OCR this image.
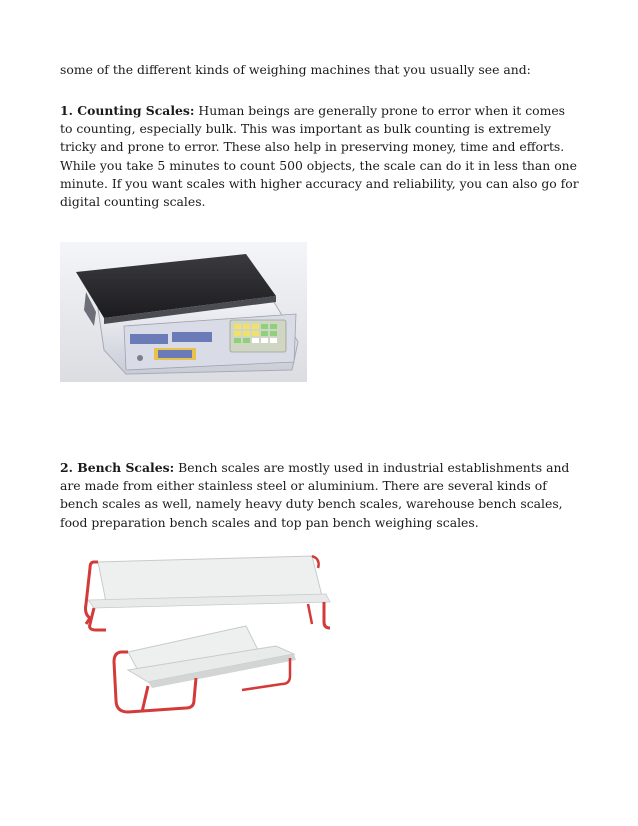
some of the different kinds of weighing machines that you usually see and:

1. Counting Scales: Human beings are generally prone to error when it comes to counting, especially bulk. This was important as bulk counting is extremely tricky and prone to error. These also help in preserving money, time and efforts. While you take 5 minutes to count 500 objects, the scale can do it in less than one minute. If you want scales with higher accuracy and reliability, you can also go for digital counting scales.

2. Bench Scales: Bench scales are mostly used in industrial establishments and are made from either stainless steel or aluminium. There are several kinds of bench scales as well, namely heavy duty bench scales, warehouse bench scales, food preparation bench scales and top pan bench weighing scales.
